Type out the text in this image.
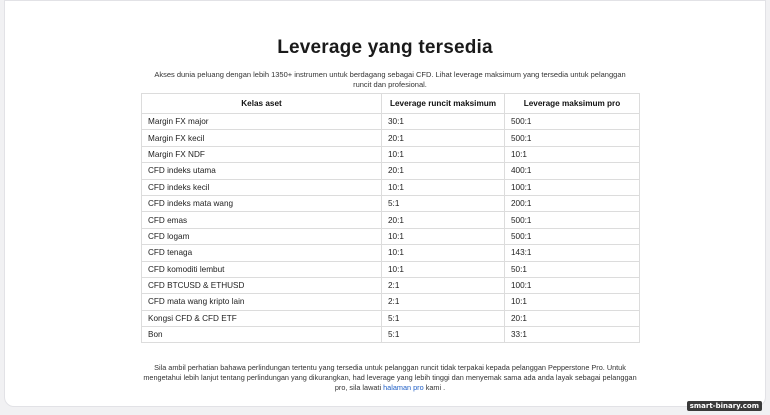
Leverage yang tersedia
Akses dunia peluang dengan lebih 1350+ instrumen untuk berdagang sebagai CFD. Lihat leverage maksimum yang tersedia untuk pelanggan runcit dan profesional.
Kelas aset	Leverage runcit maksimum	Leverage maksimum pro
Margin FX major	30:1	500:1
Margin FX kecil	20:1	500:1
Margin FX NDF	10:1	10:1
CFD indeks utama	20:1	400:1
CFD indeks kecil	10:1	100:1
CFD indeks mata wang	5:1	200:1
CFD emas	20:1	500:1
CFD logam	10:1	500:1
CFD tenaga	10:1	143:1
CFD komoditi lembut	10:1	50:1
CFD BTCUSD & ETHUSD	2:1	100:1
CFD mata wang kripto lain	2:1	10:1
Kongsi CFD & CFD ETF	5:1	20:1
Bon	5:1	33:1
Sila ambil perhatian bahawa perlindungan tertentu yang tersedia untuk pelanggan runcit tidak terpakai kepada pelanggan Pepperstone Pro. Untuk mengetahui lebih lanjut tentang perlindungan yang dikurangkan, had leverage yang lebih tinggi dan menyemak sama ada anda layak sebagai pelanggan pro, sila lawati halaman pro kami .
smart-binary.com
